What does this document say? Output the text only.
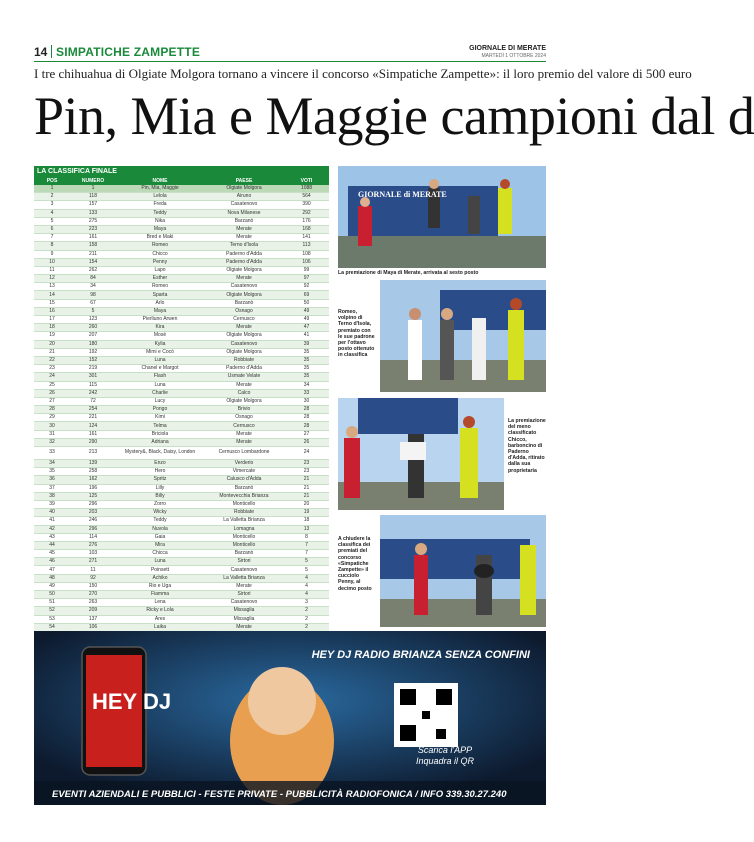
14 SIMPATICHE ZAMPETTE	GIORNALE DI MERATE
MARTEDÌ 1 OTTOBRE 2024
I tre chihuahua di Olgiate Molgora tornano a vincere il concorso «Simpatiche Zampette»: il loro premio del valore di 500 euro
Pin, Mia e Maggie campioni dal d
LA CLASSIFICA FINALE
POS	NUMERO	NOME	PAESE	VOTI
1	1	Pin, Mia, Maggie	Olgiate Molgora	1088
2	118	Lelola	Airuno	564
3	157	Freda	Casatenovo	390
4	133	Teddy	Nova Milanese	292
5	275	Nika	Barzanò	176
6	223	Maya	Merate	168
7	161	Bred e Maki	Merate	141
8	158	Romeo	Terno d'Isola	113
9	211	Chicco	Paderno d'Adda	108
10	154	Penny	Paderno d'Adda	106
11	262	Lapo	Olgiate Molgora	99
12	84	Esther	Merate	97
13	34	Romeo	Casatenovo	92
14	98	Sparta	Olgiate Molgora	69
15	67	Arlo	Barzanò	50
16	5	Maya	Osnago	49
17	123	Pierliuno Arwen	Cernusco	49
18	260	Kira	Merate	47
19	207	Mosè	Olgiate Molgora	41
20	180	Kylia	Casatenovo	39
21	192	Mimi e Cocò	Olgiate Molgora	35
22	152	Luna	Robbiate	35
23	219	Chanel e Margot	Paderno d'Adda	35
24	301	Flash	Usmate Velate	35
25	115	Luna	Merate	34
26	242	Charlie	Calco	33
27	72	Lucy	Olgiate Molgora	30
28	254	Pongo	Brivio	28
29	221	Kimi	Osnago	28
30	124	Telma	Cernusco	28
31	161	Briciola	Merate	27
32	290	Adriana	Merate	26
33	213	Mystery&, Black, Daisy, London	Cernusco Lombardone	24
34	139	Enzo	Verderio	23
35	258	Hero	Vimercate	23
36	162	Spritz	Calusco d'Adda	21
37	196	Lilly	Barzanò	21
38	125	Billy	Montevecchia Brianza	21
39	296	Zorro	Monticello	20
40	203	Wicky	Robbiate	19
41	246	Teddy	La Valletta Brianza	18
42	296	Nuvola	Lomagna	13
43	114	Gaia	Monticello	8
44	276	Mira	Monticello	7
45	103	Chicca	Barzanò	7
46	271	Luna	Sirtori	5
47	11	Poinsett	Casatenovo	5
48	92	Achiko	La Valletta Brianza	4
49	150	Rio e Uga	Merate	4
50	270	Fiamma	Sirtori	4
51	263	Lena	Casatenovo	3
52	209	Ricky e Lola	Missaglia	2
53	137	Ares	Missaglia	2
54	106	Laika	Merate	2

GIORNALE di MERATE
La premiazione di Maya di Merate, arrivata al sesto posto
Romeo, volpino di Terno d'Isola, premiato con le sue padrone per l'ottavo posto ottenuto in classifica
La premiazione del meno classificato Chicco, barboncino di Paderno d'Adda, ritirato dalla sua proprietaria
A chiudere la classifica dei premiati del concorso «Simpatiche Zampette» il cucciolo Penny, al decimo posto
HEY DJ RADIO BRIANZA SENZA CONFINI
HEY DJ
Scarica l'APP
Inquadra il QR
EVENTI AZIENDALI E PUBBLICI - FESTE PRIVATE - PUBBLICITÀ RADIOFONICA / INFO 339.30.27.240
